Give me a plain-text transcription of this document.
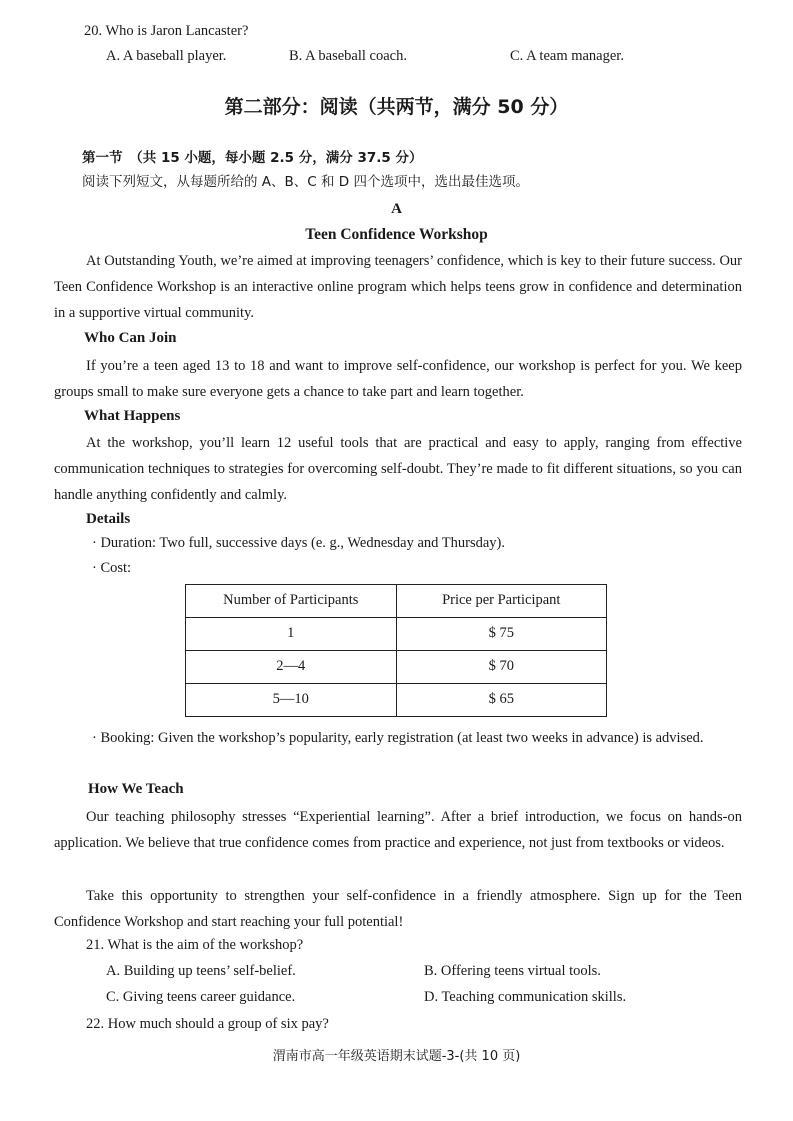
20. Who is Jaron Lancaster?
A. A baseball player.	B. A baseball coach.	C. A team manager.
第二部分：阅读（共两节，满分 50 分）
第一节　（共 15 小题，每小题 2.5 分，满分 37.5 分）
阅读下列短文，从每题所给的 A、B、C 和 D 四个选项中，选出最佳选项。
A
Teen Confidence Workshop
At Outstanding Youth, we’re aimed at improving teenagers’ confidence, which is key to their future success. Our Teen Confidence Workshop is an interactive online program which helps teens grow in confidence and determination in a supportive virtual community.
Who Can Join
If you’re a teen aged 13 to 18 and want to improve self-confidence, our workshop is perfect for you. We keep groups small to make sure everyone gets a chance to take part and learn together.
What Happens
At the workshop, you’ll learn 12 useful tools that are practical and easy to apply, ranging from effective communication techniques to strategies for overcoming self-doubt. They’re made to fit different situations, so you can handle anything confidently and calmly.
Details
· Duration: Two full, successive days (e. g., Wednesday and Thursday).
· Cost:
Number of Participants	Price per Participant
1	$ 75
2—4	$ 70
5—10	$ 65
· Booking: Given the workshop’s popularity, early registration (at least two weeks in advance) is advised.
How We Teach
Our teaching philosophy stresses “Experiential learning”. After a brief introduction, we focus on hands-on application. We believe that true confidence comes from practice and experience, not just from textbooks or videos.
Take this opportunity to strengthen your self-confidence in a friendly atmosphere. Sign up for the Teen Confidence Workshop and start reaching your full potential!
21. What is the aim of the workshop?
A. Building up teens’ self-belief.	B. Offering teens virtual tools.
C. Giving teens career guidance.	D. Teaching communication skills.
22. How much should a group of six pay?
渭南市高一年级英语期末试题-3-(共 10 页)
